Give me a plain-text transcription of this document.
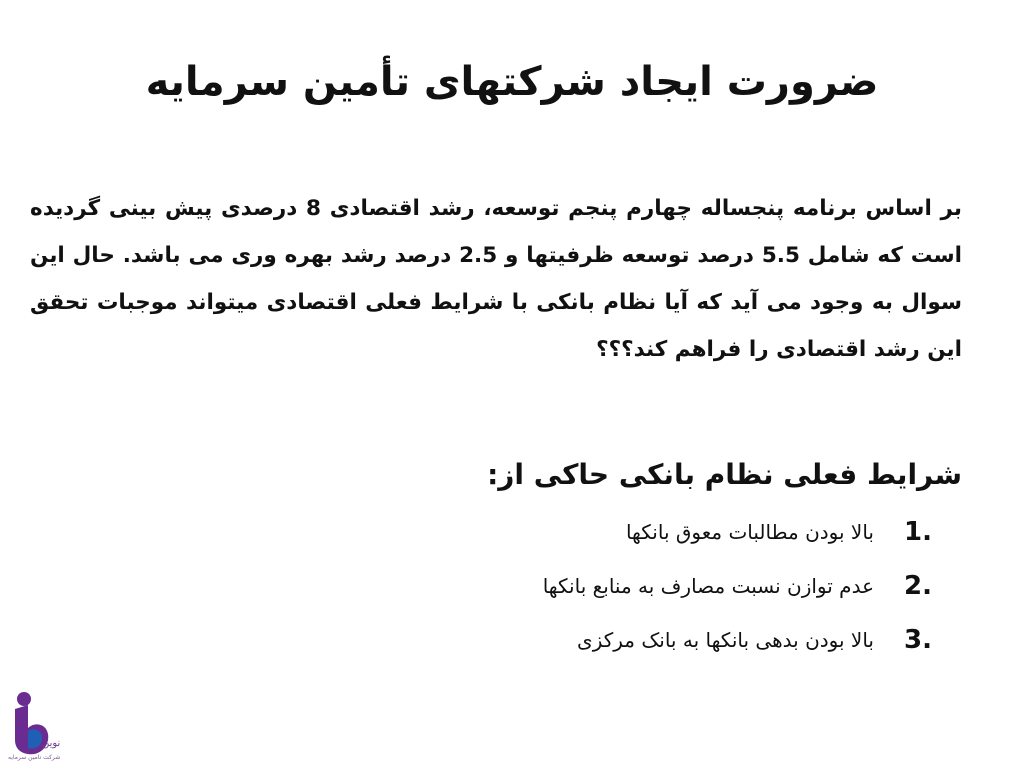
ضرورت ایجاد شرکتهای تأمین سرمایه

بر اساس برنامه پنجساله چهارم پنجم توسعه، رشد اقتصادی 8 درصدی پیش بینی گردیده است که شامل 5.5 درصد توسعه ظرفیتها و 2.5 درصد رشد بهره وری می باشد. حال این سوال به وجود می آید که آیا نظام بانکی با شرایط فعلی اقتصادی میتواند موجبات تحقق این رشد اقتصادی را فراهم کند؟؟؟

شرایط فعلی نظام بانکی حاکی از:
1.
بالا بودن مطالبات معوق بانکها
2.
عدم توازن نسبت مصارف به منابع بانکها
3.
بالا بودن بدهی بانکها به بانک مرکزی
نوین
شرکت تامین سرمایه
